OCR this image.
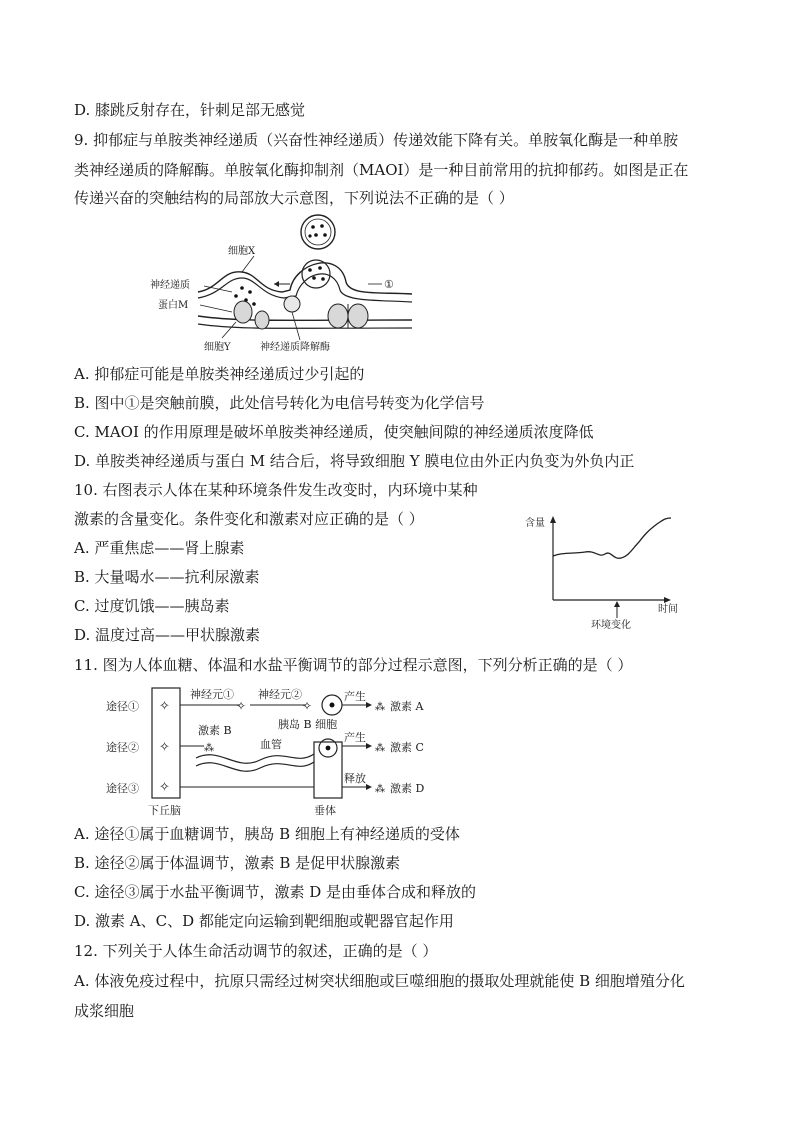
D. 膝跳反射存在，针刺足部无感觉
9. 抑郁症与单胺类神经递质（兴奋性神经递质）传递效能下降有关。单胺氧化酶是一种单胺
类神经递质的降解酶。单胺氧化酶抑制剂（MAOI）是一种目前常用的抗抑郁药。如图是正在
传递兴奋的突触结构的局部放大示意图，下列说法不正确的是（ ）
细胞X
神经递质
蛋白M
细胞Y	神经递质降解酶
①
A. 抑郁症可能是单胺类神经递质过少引起的
B. 图中①是突触前膜，此处信号转化为电信号转变为化学信号
C. MAOI 的作用原理是破坏单胺类神经递质，使突触间隙的神经递质浓度降低
D. 单胺类神经递质与蛋白 M 结合后，将导致细胞 Y 膜电位由外正内负变为外负内正
10. 右图表示人体在某种环境条件发生改变时，内环境中某种
激素的含量变化。条件变化和激素对应正确的是（ ）
A. 严重焦虑——肾上腺素
B. 大量喝水——抗利尿激素
C. 过度饥饿——胰岛素
D. 温度过高——甲状腺激素
含量
时间
环境变化
11. 图为人体血糖、体温和水盐平衡调节的部分过程示意图，下列分析正确的是（ ）
✧
✧
✧
✧	✧	⁂
⁂	⁂
⁂
途径①
途径②
途径③
下丘脑	垂体
神经元① 神经元②
激素 B	胰岛 B 细胞
血管
产生
产生
释放
激素 A
激素 C
激素 D
A. 途径①属于血糖调节，胰岛 B 细胞上有神经递质的受体
B. 途径②属于体温调节，激素 B 是促甲状腺激素
C. 途径③属于水盐平衡调节，激素 D 是由垂体合成和释放的
D. 激素 A、C、D 都能定向运输到靶细胞或靶器官起作用
12. 下列关于人体生命活动调节的叙述，正确的是（ ）
A. 体液免疫过程中，抗原只需经过树突状细胞或巨噬细胞的摄取处理就能使 B 细胞增殖分化
成浆细胞
